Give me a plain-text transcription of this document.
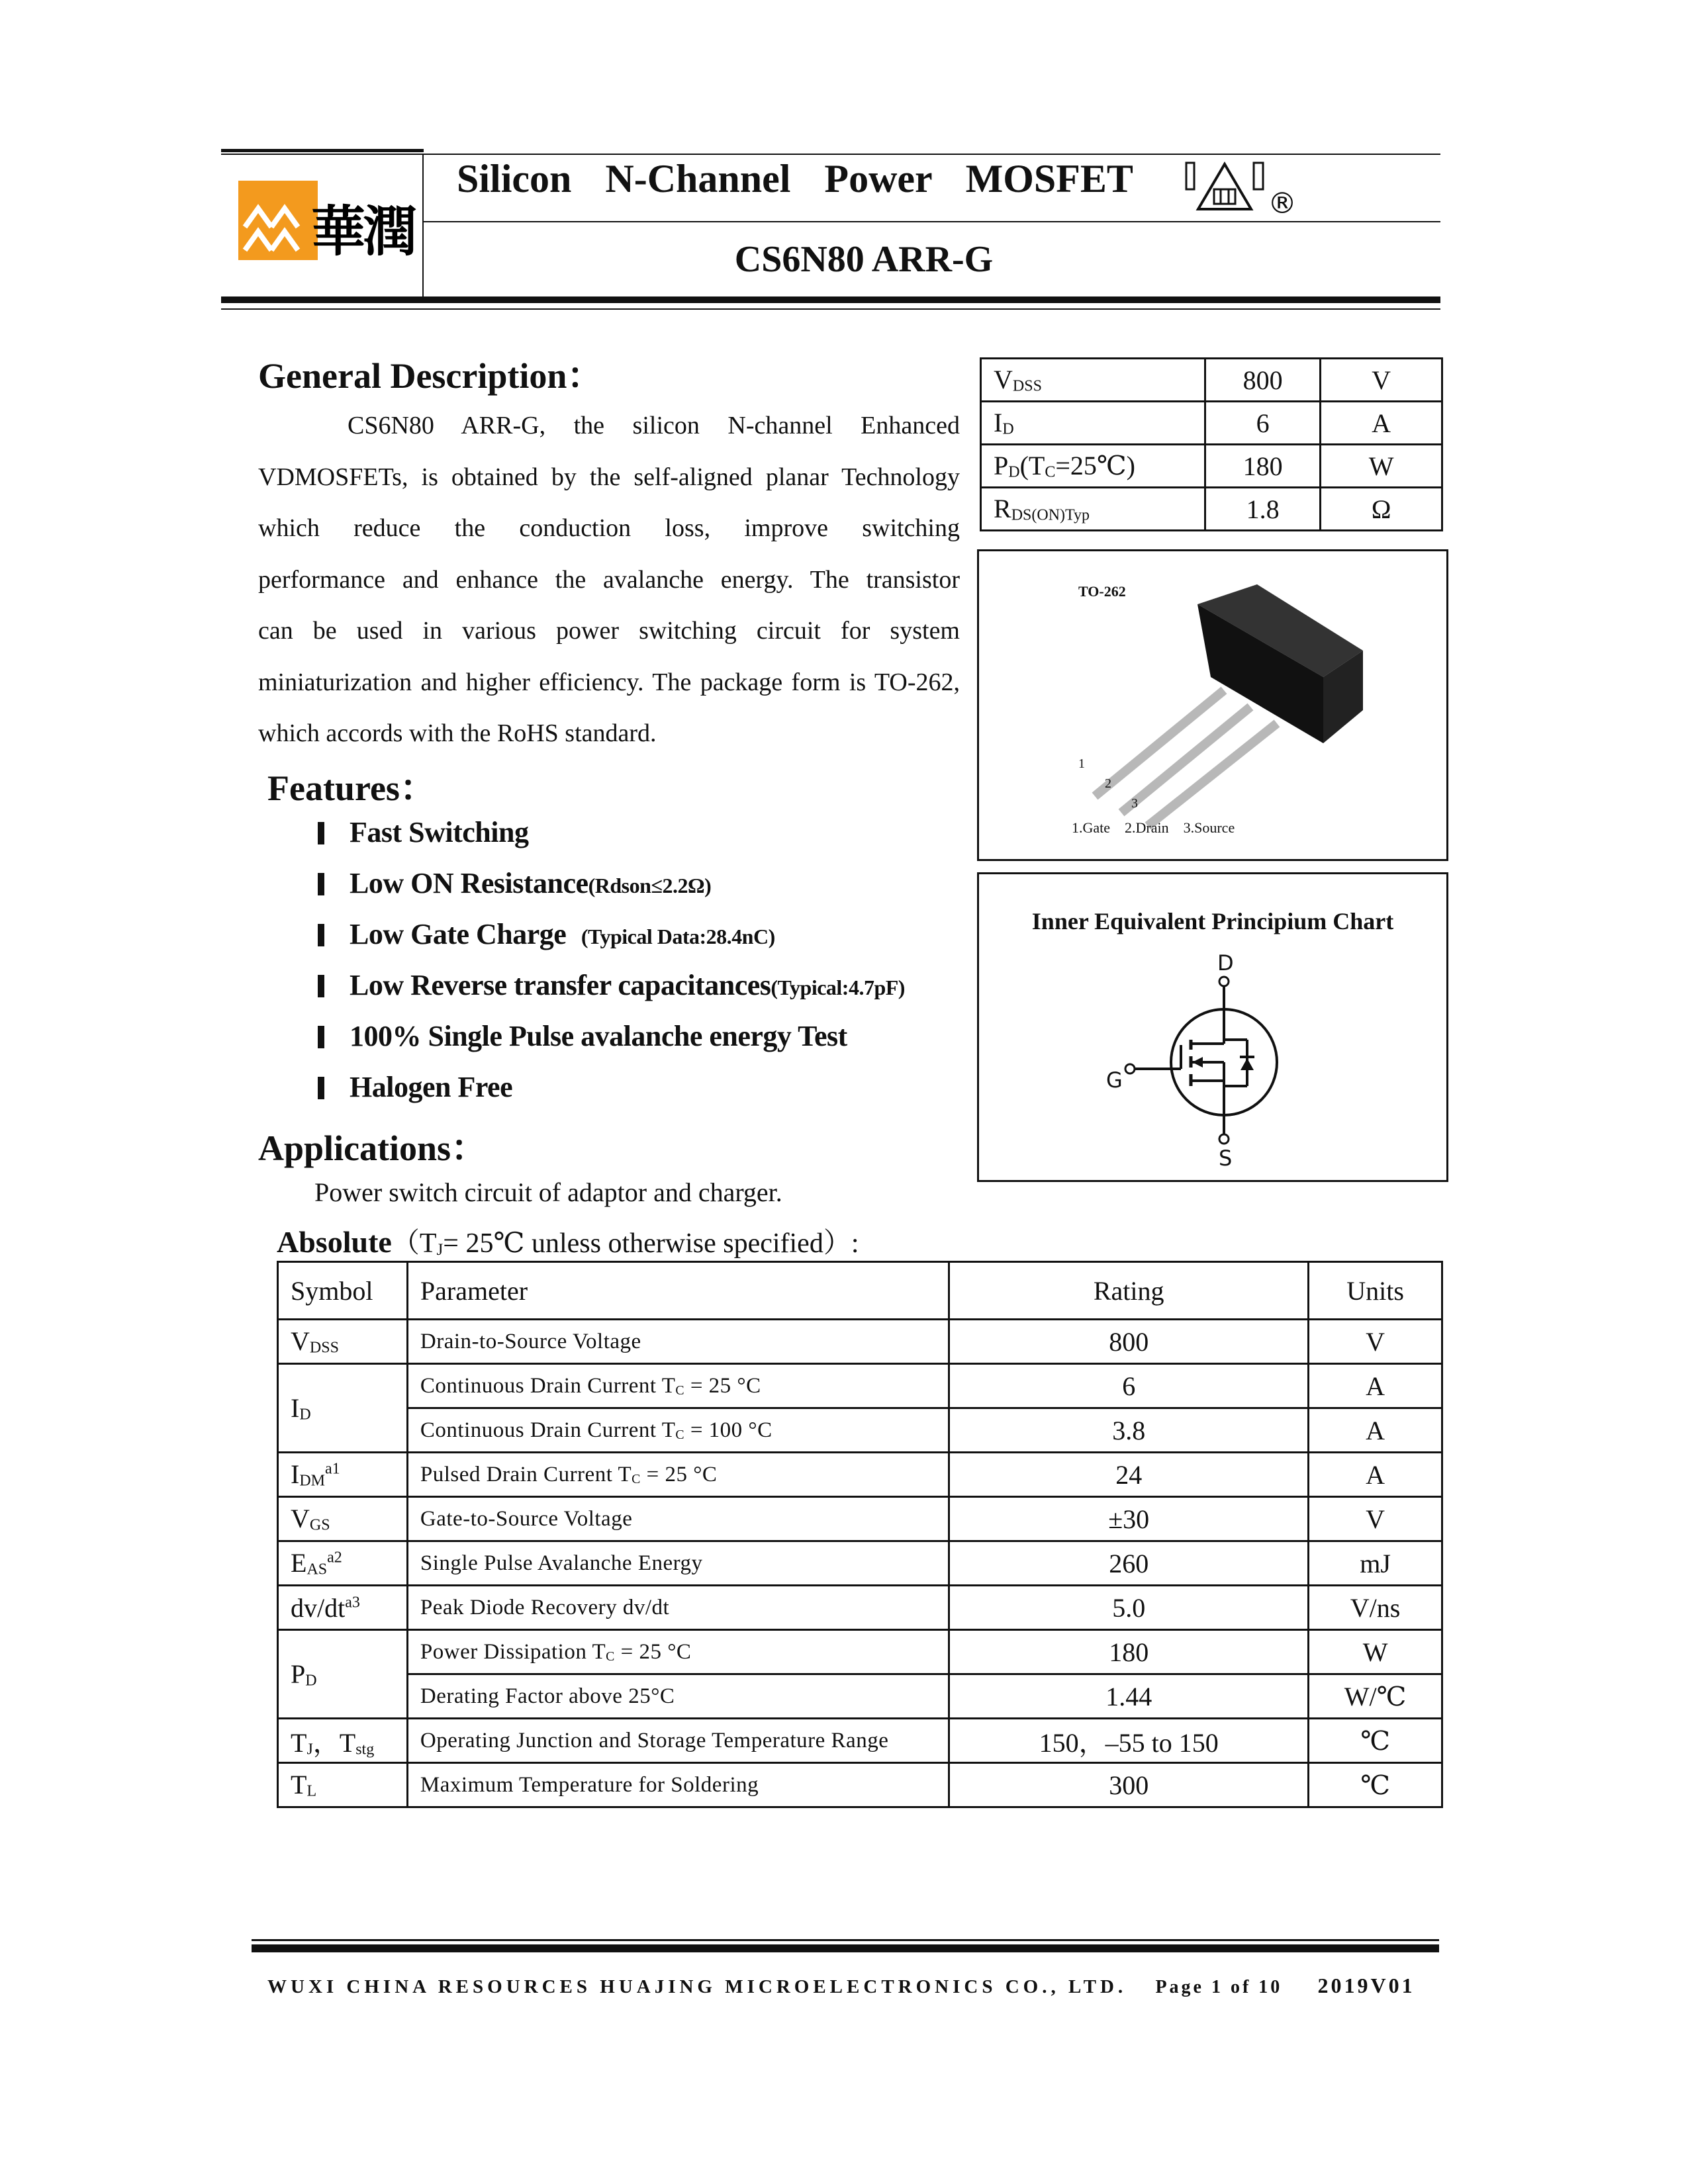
華潤
Silicon N-Channel Power MOSFET
®
CS6N80 ARR-G
General Description：
CS6N80 ARR-G, the silicon N-channel Enhanced
VDMOSFETs, is obtained by the self-aligned planar Technology
which reduce the conduction loss, improve switching
performance and enhance the avalanche energy. The transistor
can be used in various power switching circuit for system
miniaturization and higher efficiency. The package form is TO-262,
which accords with the RoHS standard.
$V_{DSS}$	800	V
$I_D$	6	A
$P_D(T_C=25℃)$	180	W
$R_{DS(ON)Typ}$	1.8	Ω
TO-262
1
2
3
1.Gate    2.Drain    3.Source
Inner Equivalent Principium Chart
D
G
S
Features：
Fast Switching
Low ON Resistance(Rdson≤2.2Ω)
Low Gate Charge   (Typical Data:28.4nC)
Low Reverse transfer capacitances(Typical:4.7pF)
100% Single Pulse avalanche energy Test
Halogen Free
Applications：
Power switch circuit of adaptor and charger.
$Absolute(T_J=$ 25℃ unless otherwise specified）:
Symbol	Parameter	Rating	Units
$V_{DSS}$	Drain-to-Source Voltage	800	V
$I_D$	Continuous Drain Current $T_C = 25$ °C	6	A
	Continuous Drain Current $T_C = 100$ °C	3.8	A
$I_{DM}^{a1}$	Pulsed Drain Current $T_C = 25$ °C	24	A
$V_{GS}$	Gate-to-Source Voltage	±30	V
$E_{AS}^{a2}$	Single Pulse Avalanche Energy	260	mJ
$dv/dt^{a3}$	Peak Diode Recovery dv/dt	5.0	V/ns
$P_D$	Power Dissipation $T_C = 25$ °C	180	W
	Derating Factor above 25°C	1.44	W/℃
$T_J$，$T_{stg}$	Operating Junction and Storage Temperature Range	150，–55 to 150	℃
$T_L$	Maximum Temperature for Soldering	300	℃
WUXI CHINA RESOURCES HUAJING MICROELECTRONICS CO., LTD. Page 1 of 10 2019V01
